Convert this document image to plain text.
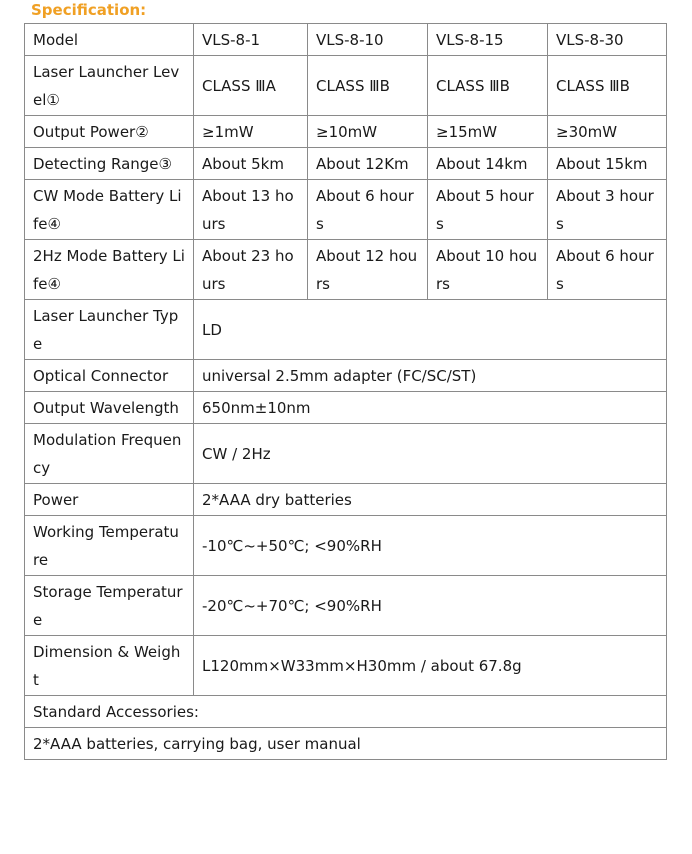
Specification:
Model	VLS-8-1	VLS-8-10	VLS-8-15	VLS-8-30
Laser Launcher Level①	CLASS ⅢA	CLASS ⅢB	CLASS ⅢB	CLASS ⅢB
Output Power②	≥1mW	≥10mW	≥15mW	≥30mW
Detecting Range③	About 5km	About 12Km	About 14km	About 15km
CW Mode Battery Life④	About 13 hours	About 6 hours	About 5 hours	About 3 hours
2Hz Mode Battery Life④	About 23 hours	About 12 hours	About 10 hours	About 6 hours
Laser Launcher Type	LD			
Optical Connector	universal 2.5mm adapter (FC/SC/ST)			
Output Wavelength	650nm±10nm			
Modulation Frequency	CW / 2Hz			
Power	2*AAA dry batteries			
Working Temperature	-10℃~+50℃; <90%RH			
Storage Temperature	-20℃~+70℃; <90%RH			
Dimension & Weight	L120mm×W33mm×H30mm / about 67.8g			
Standard Accessories:				
2*AAA batteries, carrying bag, user manual				
